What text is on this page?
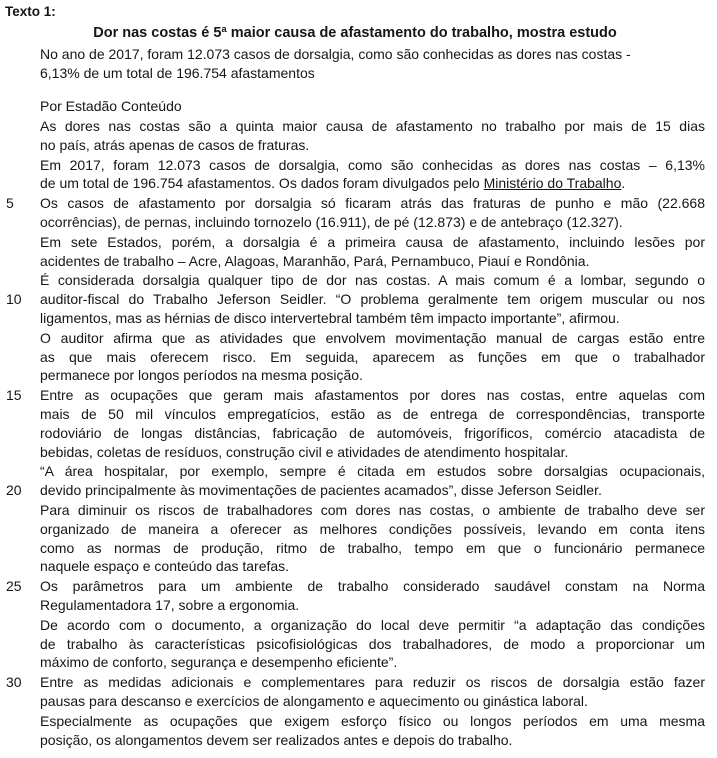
Texto 1:
Dor nas costas é 5ª maior causa de afastamento do trabalho, mostra estudo
No ano de 2017, foram 12.073 casos de dorsalgia, como são conhecidas as dores nas costas -
6,13% de um total de 196.754 afastamentos
Por Estadão Conteúdo
As dores nas costas são a quinta maior causa de afastamento no trabalho por mais de 15 dias
no país, atrás apenas de casos de fraturas.
Em 2017, foram 12.073 casos de dorsalgia, como são conhecidas as dores nas costas – 6,13%
de um total de 196.754 afastamentos. Os dados foram divulgados pelo Ministério do Trabalho.
5	Os casos de afastamento por dorsalgia só ficaram atrás das fraturas de punho e mão (22.668
ocorrências), de pernas, incluindo tornozelo (16.911), de pé (12.873) e de antebraço (12.327).
Em sete Estados, porém, a dorsalgia é a primeira causa de afastamento, incluindo lesões por
acidentes de trabalho – Acre, Alagoas, Maranhão, Pará, Pernambuco, Piauí e Rondônia.
É considerada dorsalgia qualquer tipo de dor nas costas. A mais comum é a lombar, segundo o
10	auditor-fiscal do Trabalho Jeferson Seidler. “O problema geralmente tem origem muscular ou nos
ligamentos, mas as hérnias de disco intervertebral também têm impacto importante”, afirmou.
O auditor afirma que as atividades que envolvem movimentação manual de cargas estão entre
as que mais oferecem risco. Em seguida, aparecem as funções em que o trabalhador
permanece por longos períodos na mesma posição.
15	Entre as ocupações que geram mais afastamentos por dores nas costas, entre aquelas com
mais de 50 mil vínculos empregatícios, estão as de entrega de correspondências, transporte
rodoviário de longas distâncias, fabricação de automóveis, frigoríficos, comércio atacadista de
bebidas, coletas de resíduos, construção civil e atividades de atendimento hospitalar.
“A área hospitalar, por exemplo, sempre é citada em estudos sobre dorsalgias ocupacionais,
20	devido principalmente às movimentações de pacientes acamados”, disse Jeferson Seidler.
Para diminuir os riscos de trabalhadores com dores nas costas, o ambiente de trabalho deve ser
organizado de maneira a oferecer as melhores condições possíveis, levando em conta itens
como as normas de produção, ritmo de trabalho, tempo em que o funcionário permanece
naquele espaço e conteúdo das tarefas.
25	Os parâmetros para um ambiente de trabalho considerado saudável constam na Norma
Regulamentadora 17, sobre a ergonomia.
De acordo com o documento, a organização do local deve permitir “a adaptação das condições
de trabalho às características psicofisiológicas dos trabalhadores, de modo a proporcionar um
máximo de conforto, segurança e desempenho eficiente”.
30	Entre as medidas adicionais e complementares para reduzir os riscos de dorsalgia estão fazer
pausas para descanso e exercícios de alongamento e aquecimento ou ginástica laboral.
Especialmente as ocupações que exigem esforço físico ou longos períodos em uma mesma
posição, os alongamentos devem ser realizados antes e depois do trabalho.
